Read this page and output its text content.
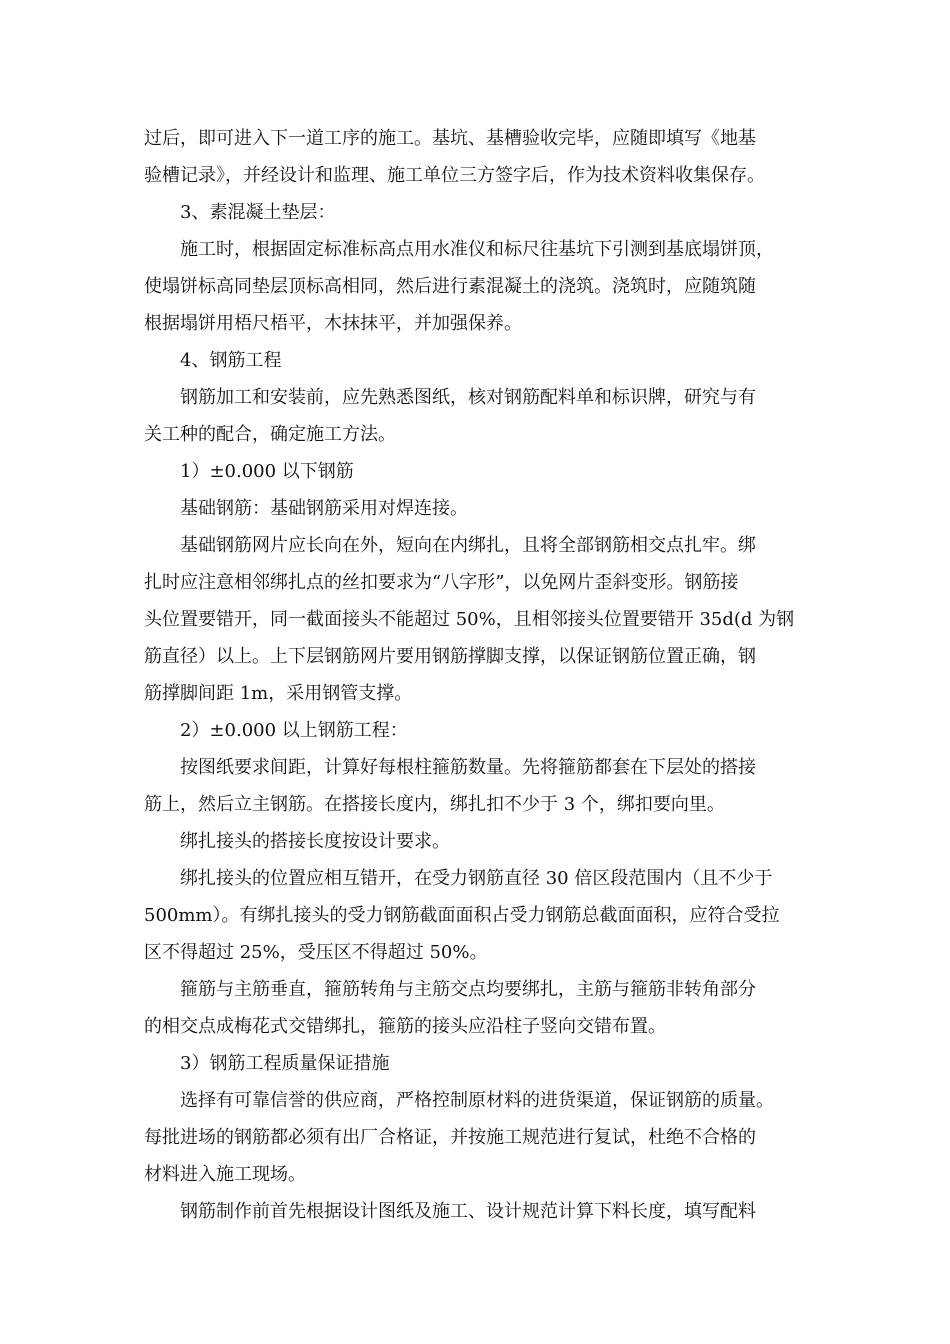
过后，即可进入下一道工序的施工。基坑、基槽验收完毕，应随即填写《地基
验槽记录》，并经设计和监理、施工单位三方签字后，作为技术资料收集保存。

3、素混凝土垫层：

施工时，根据固定标准标高点用水准仪和标尺往基坑下引测到基底塌饼顶，

使塌饼标高同垫层顶标高相同，然后进行素混凝土的浇筑。浇筑时，应随筑随
根据塌饼用梧尺梧平，木抹抹平，并加强保养。

4、钢筋工程

钢筋加工和安装前，应先熟悉图纸，核对钢筋配料单和标识牌，研究与有

关工种的配合，确定施工方法。

1）±0.000 以下钢筋

基础钢筋：基础钢筋采用对焊连接。

基础钢筋网片应长向在外，短向在内绑扎，且将全部钢筋相交点扎牢。绑

扎时应注意相邻绑扎点的丝扣要求为“八字形”，以免网片歪斜变形。钢筋接
头位置要错开，同一截面接头不能超过 50%，且相邻接头位置要错开 35d(d 为钢
筋直径）以上。上下层钢筋网片要用钢筋撑脚支撑，以保证钢筋位置正确，钢
筋撑脚间距 1m，采用钢管支撑。

2）±0.000 以上钢筋工程：

按图纸要求间距，计算好每根柱箍筋数量。先将箍筋都套在下层处的搭接

筋上，然后立主钢筋。在搭接长度内，绑扎扣不少于 3 个，绑扣要向里。

绑扎接头的搭接长度按设计要求。

绑扎接头的位置应相互错开，在受力钢筋直径 30 倍区段范围内（且不少于

500mm）。有绑扎接头的受力钢筋截面面积占受力钢筋总截面面积，应符合受拉
区不得超过 25%，受压区不得超过 50%。

箍筋与主筋垂直，箍筋转角与主筋交点均要绑扎，主筋与箍筋非转角部分

的相交点成梅花式交错绑扎，箍筋的接头应沿柱子竖向交错布置。

3）钢筋工程质量保证措施

选择有可靠信誉的供应商，严格控制原材料的进货渠道，保证钢筋的质量。

每批进场的钢筋都必须有出厂合格证，并按施工规范进行复试，杜绝不合格的
材料进入施工现场。

钢筋制作前首先根据设计图纸及施工、设计规范计算下料长度，填写配料
